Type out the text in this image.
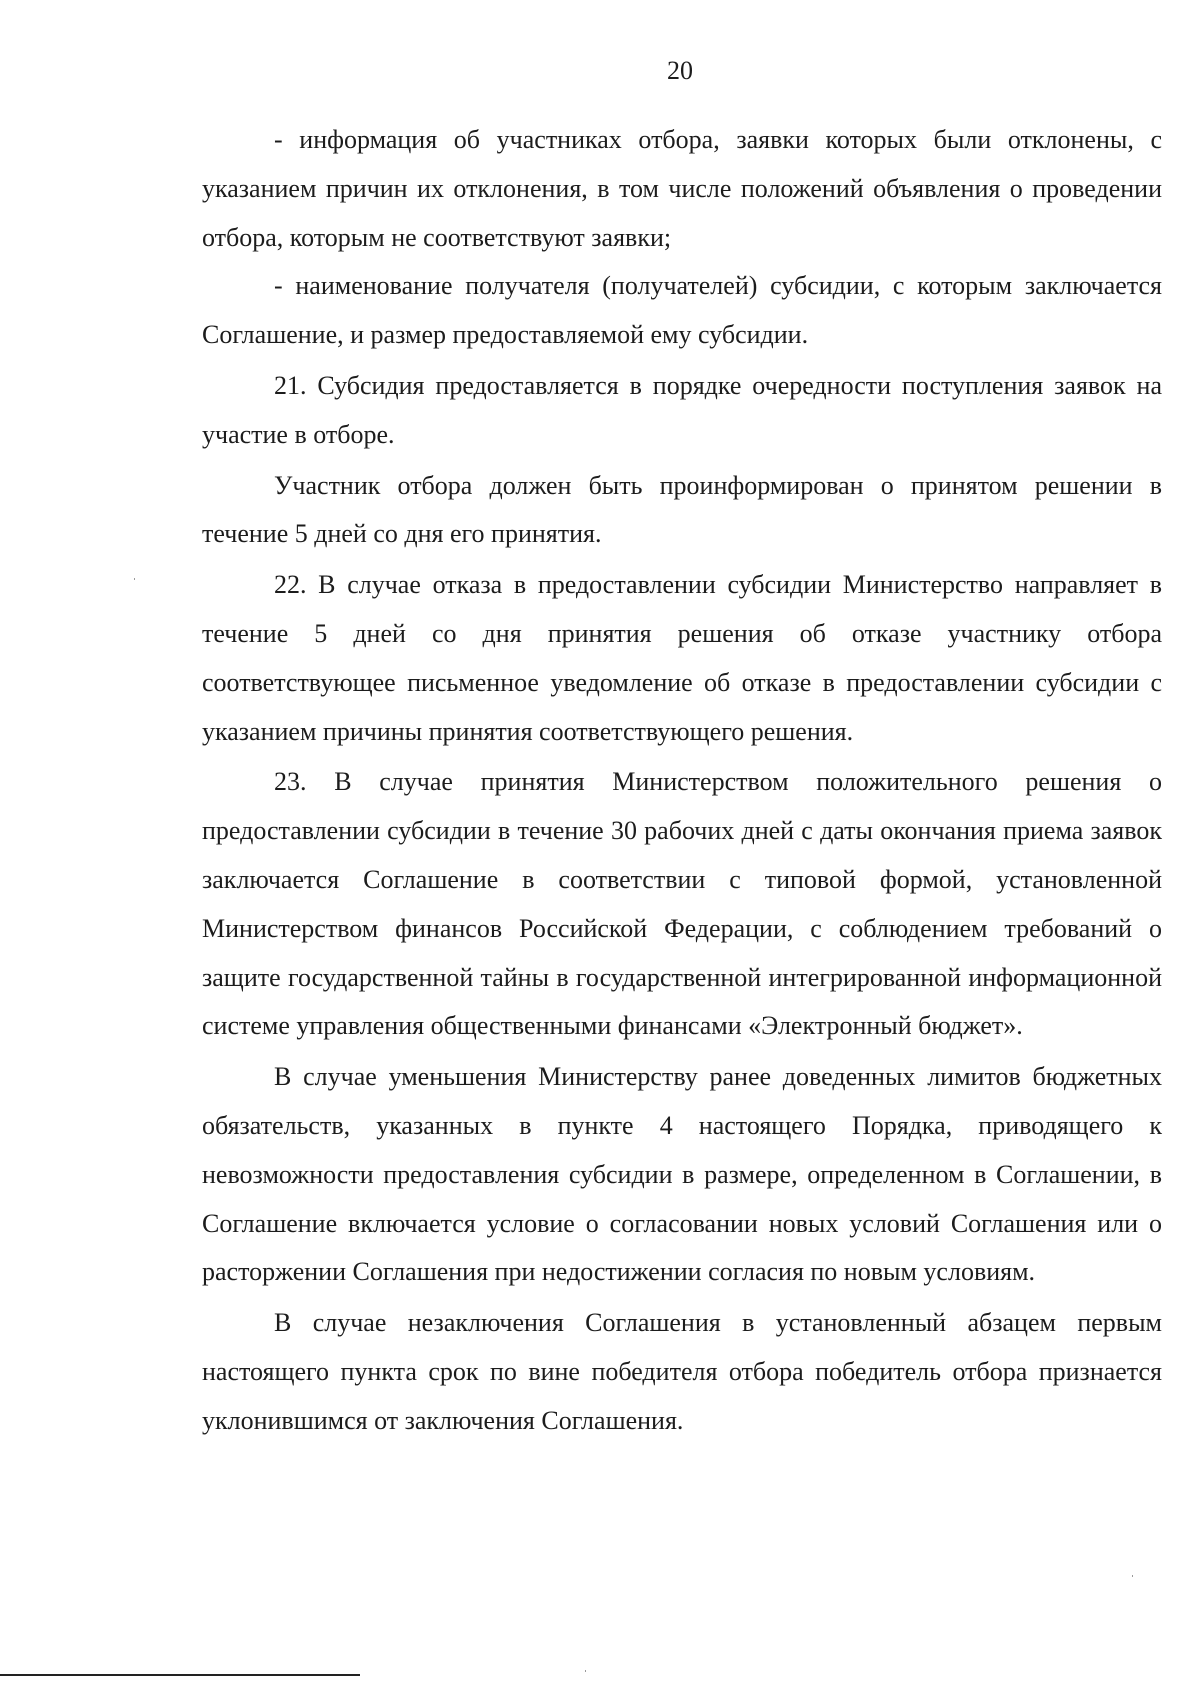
20

- информация об участниках отбора, заявки которых были отклонены, с указанием причин их отклонения, в том числе положений объявления о проведении отбора, которым не соответствуют заявки;

- наименование получателя (получателей) субсидии, с которым заключается Соглашение, и размер предоставляемой ему субсидии.

21. Субсидия предоставляется в порядке очередности поступления заявок на участие в отборе.

Участник отбора должен быть проинформирован о принятом решении в течение 5 дней со дня его принятия.

22. В случае отказа в предоставлении субсидии Министерство направляет в течение 5 дней со дня принятия решения об отказе участнику отбора соответствующее письменное уведомление об отказе в предоставлении субсидии с указанием причины принятия соответствующего решения.

23. В случае принятия Министерством положительного решения о предоставлении субсидии в течение 30 рабочих дней с даты окончания приема заявок заключается Соглашение в соответствии с типовой формой, установленной Министерством финансов Российской Федерации, с соблюдением требований о защите государственной тайны в государственной интегрированной информационной системе управления общественными финансами «Электронный бюджет».

В случае уменьшения Министерству ранее доведенных лимитов бюджетных обязательств, указанных в пункте 4 настоящего Порядка, приводящего к невозможности предоставления субсидии в размере, определенном в Соглашении, в Соглашение включается условие о согласовании новых условий Соглашения или о расторжении Соглашения при недостижении согласия по новым условиям.

В случае незаключения Соглашения в установленный абзацем первым настоящего пункта срок по вине победителя отбора победитель отбора признается уклонившимся от заключения Соглашения.
